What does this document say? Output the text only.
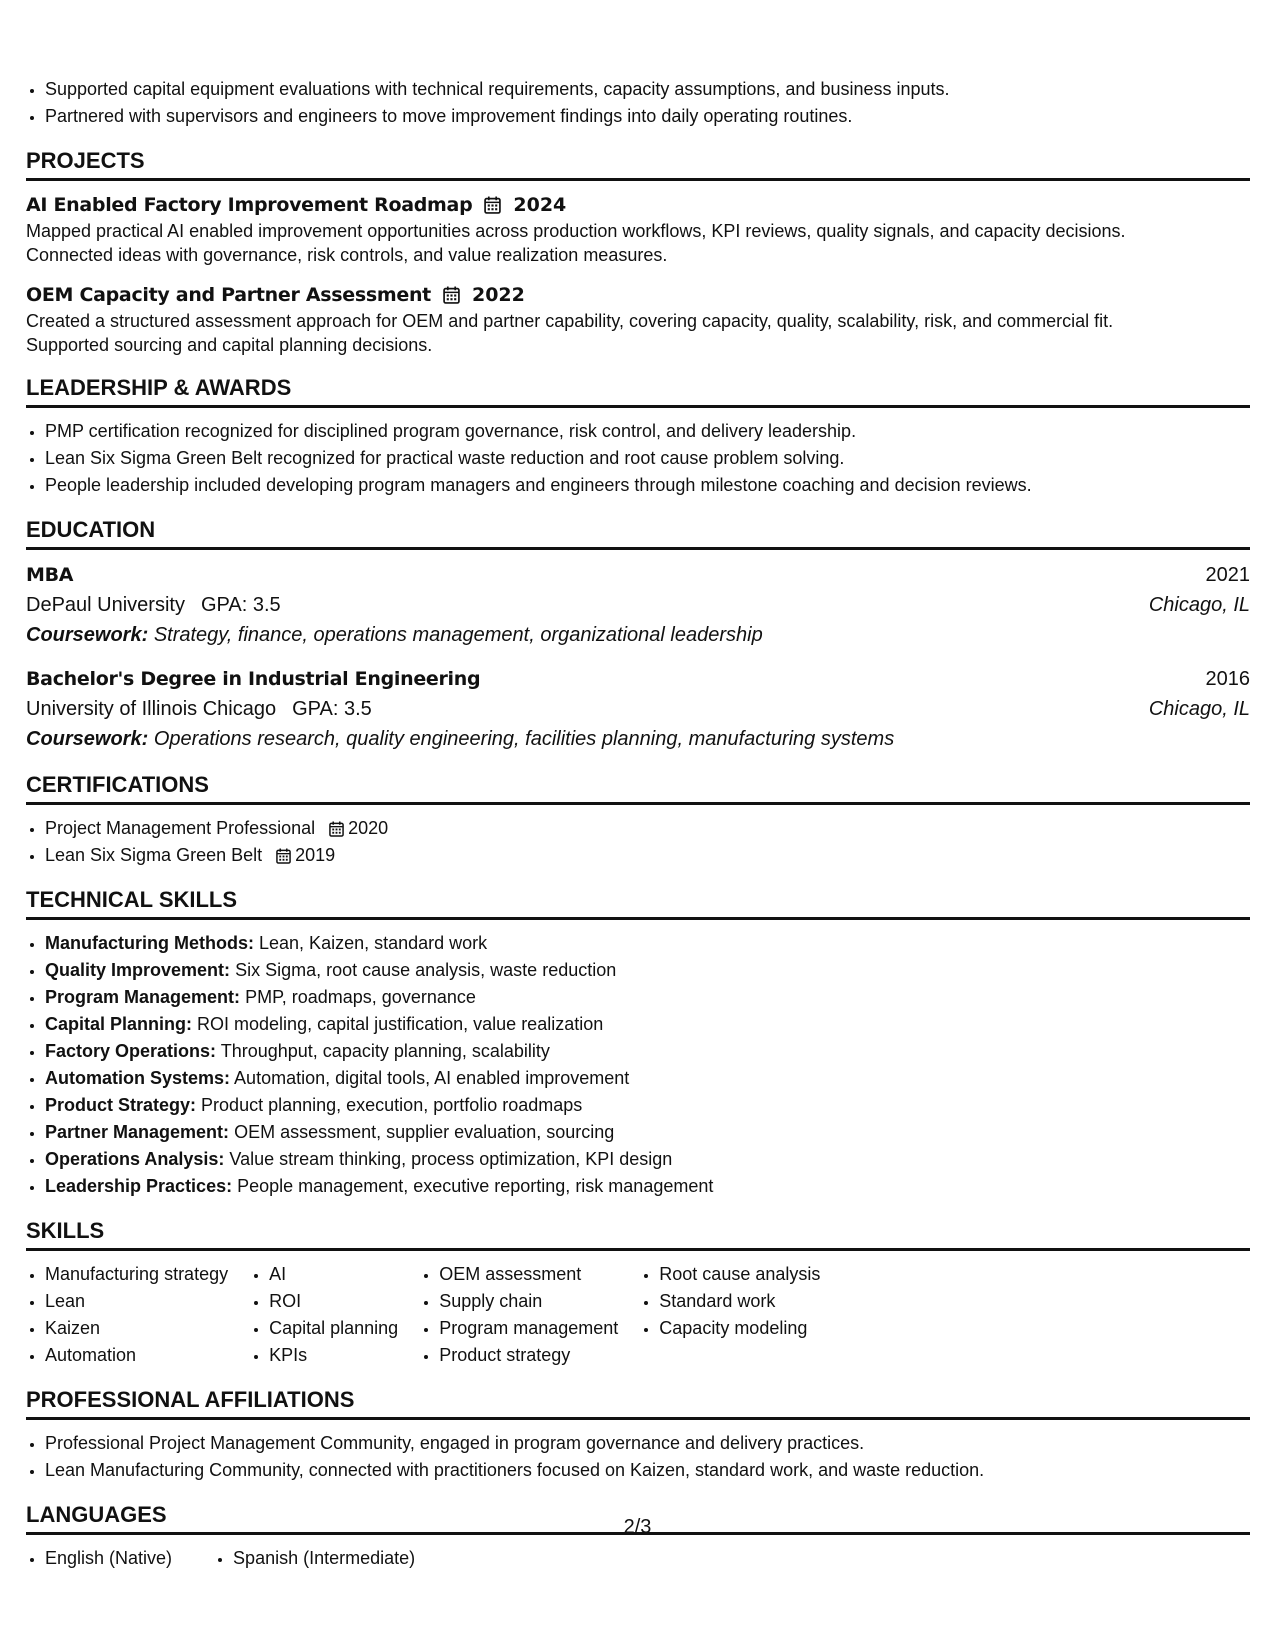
• Supported capital equipment evaluations with technical requirements, capacity assumptions, and business inputs.
• Partnered with supervisors and engineers to move improvement findings into daily operating routines.
PROJECTS
AI Enabled Factory Improvement Roadmap 2024
Mapped practical AI enabled improvement opportunities across production workflows, KPI reviews, quality signals, and capacity decisions.
Connected ideas with governance, risk controls, and value realization measures.
OEM Capacity and Partner Assessment 2022
Created a structured assessment approach for OEM and partner capability, covering capacity, quality, scalability, risk, and commercial fit.
Supported sourcing and capital planning decisions.
LEADERSHIP & AWARDS
• PMP certification recognized for disciplined program governance, risk control, and delivery leadership.
• Lean Six Sigma Green Belt recognized for practical waste reduction and root cause problem solving.
• People leadership included developing program managers and engineers through milestone coaching and decision reviews.
EDUCATION
MBA	2021
DePaul University GPA: 3.5	Chicago, IL
Coursework: Strategy, finance, operations management, organizational leadership
Bachelor's Degree in Industrial Engineering	2016
University of Illinois Chicago GPA: 3.5	Chicago, IL
Coursework: Operations research, quality engineering, facilities planning, manufacturing systems
CERTIFICATIONS
• Project Management Professional 2020
• Lean Six Sigma Green Belt 2019
TECHNICAL SKILLS
• Manufacturing Methods: Lean, Kaizen, standard work
• Quality Improvement: Six Sigma, root cause analysis, waste reduction
• Program Management: PMP, roadmaps, governance
• Capital Planning: ROI modeling, capital justification, value realization
• Factory Operations: Throughput, capacity planning, scalability
• Automation Systems: Automation, digital tools, AI enabled improvement
• Product Strategy: Product planning, execution, portfolio roadmaps
• Partner Management: OEM assessment, supplier evaluation, sourcing
• Operations Analysis: Value stream thinking, process optimization, KPI design
• Leadership Practices: People management, executive reporting, risk management
SKILLS
• Manufacturing strategy
• Lean
• Kaizen
• Automation
• AI
• ROI
• Capital planning
• KPIs
• OEM assessment
• Supply chain
• Program management
• Product strategy
• Root cause analysis
• Standard work
• Capacity modeling
PROFESSIONAL AFFILIATIONS
• Professional Project Management Community, engaged in program governance and delivery practices.
• Lean Manufacturing Community, connected with practitioners focused on Kaizen, standard work, and waste reduction.
LANGUAGES
• English (Native)
•	Spanish (Intermediate)
2/3
